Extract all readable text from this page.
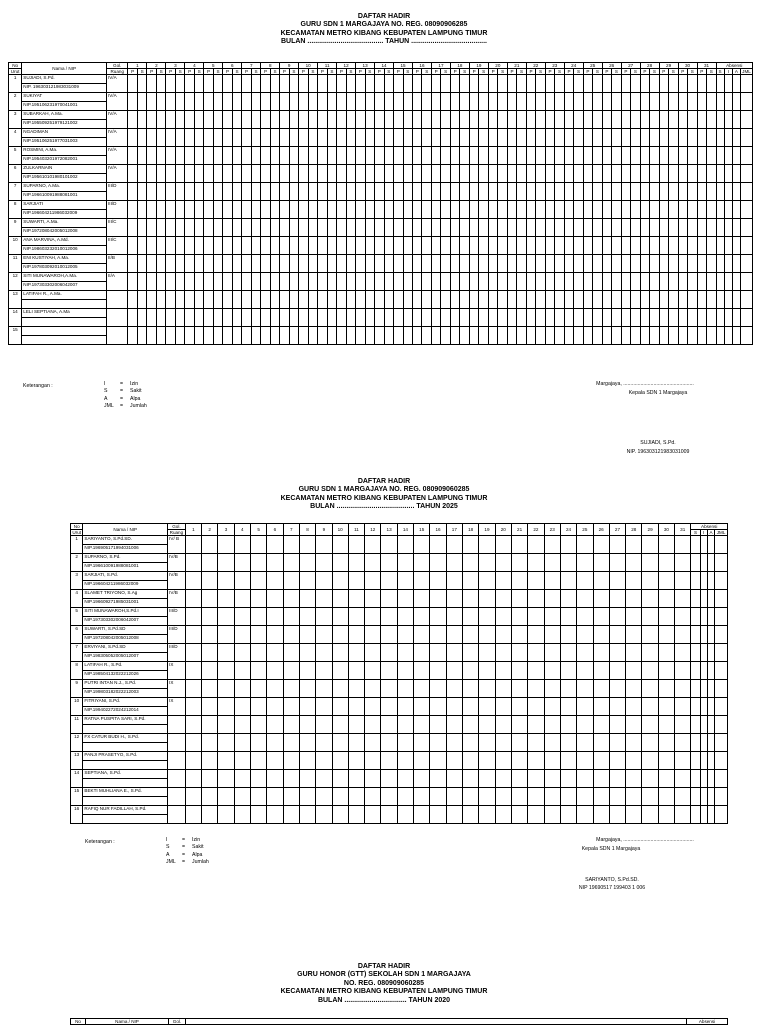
DAFTAR HADIR
GURU SDN 1 MARGAJAYA NO. REG. 08090906285
KECAMATAN METRO KIBANG KEBUPATEN LAMPUNG TIMUR
BULAN ....................................... TAHUN .......................................
No	Nama / NIP	Gol.	1	2	3	4	5	6	7	8	9	10	11	12	13	14	15	16	17	18	19	20	21	22	23	24	25	26	27	28	29	30	31	Absensi
Urut	Ruang	P	S	P	S	P	S	P	S	P	S	P	S	P	S	P	S	P	S	P	S	P	S	P	S	P	S	P	S	P	S	P	S	P	S	P	S	P	S	P	S	P	S	P	S	P	S	P	S	P	S	P	S	P	S	P	S	P	S	P	S	P	S	S	I	A	JML
1	SUJIADI, S.Pd.	IV/A																																																																		
NIP. 196303121983031009
2	SUKIYAT	IV/A																																																																		
NIP.195106231970041001
3	SUBARKAH, A.Ma.	IV/A																																																																		
NIP.195509251979121002
4	NGADIMAN	IV/A																																																																		
NIP.195106251977031003
5	ROSMINI, A.Ma.	IV/A																																																																		
NIP.195403201972082001
6	ZULKARNAIN	IV/A																																																																		
NIP.195610101980101002
7	SUPARNO, A.Ma.	III/D																																																																		
NIP.196610091988081001
8	SARJIATI	III/D																																																																		
NIP.196604211986032009
9	SUWARTI, A.Ma.	III/C																																																																		
NIP.197208042005012008
10	ANA MARVINA, A.Md.	III/C																																																																		
NIP.198603232010012006
11	ENI KUSTIYAH, A.Ma.	II/B																																																																		
NIP.197803092010012005
12	SITI MUNAWAROH,A.Ma.	II/A																																																																		
NIP.197303302006042007
13	LATIFAH R., A.Ma.																																																																			

14	LELI SEPTIANA, A.Ma																																																																			

15																																																																				

Keterangan :	I	= Izin
S = Sakit
A = Alpa
JML = Jumlah
Margajaya, .................................................
Kepala SDN 1 Margajaya
SUJIADI, S.Pd.
NIP. 196303121983031009
DAFTAR HADIR
GURU SDN 1 MARGAJAYA NO. REG. 080909060285
KECAMATAN METRO KIBANG KEBUPATEN LAMPUNG TIMUR
BULAN ........................................ TAHUN 2025
No	Nama / NIP	Gol.	1	2	3	4	5	6	7	8	9	10	11	12	13	14	15	16	17	18	19	20	21	22	23	24	25	26	27	28	29	30	31	Absensi			
Urut		Ruang																																S	I	A	JML
1	SARIYANTO, S.Pd.SD.	IV/ B																																			
	NIP.196905171994031006																																				
2	SUPARNO, S.Pd.	IV/B																																			
	NIP.196610091988081001																																				
3	SARJIATI, S.Pd.	IV/B																																			
	NIP.196604211986032009																																				
4	SLAMET TRIYONO, S.Ag	IV/B																																			
	NIP.196609271985031001																																				
5	SITI MUNAWAROH,S.Pd.I	III/D																																			
	NIP.197303302006042007																																				
6	SUWARTI, S.Pd.SD	III/D																																			
	NIP.197208042005012008																																				
7	ERVIYANI, S.Pd.SD	III/D																																			
	NIP.198305052005012007																																				
8	LATIFAH R., S.Pd.	IX																																			
	NIP.198504132022212026																																				
9	PUTRI INTAN N.J., S.Pd.	IX																																			
	NIP.199803182022212003																																				
10	FITRIYANI, S.Pd.	IX																																			
	NIP.199402272024212014																																				
11	RATNA PUSPITA SARI, S.Pd.																																				

12	FX CATUR BUDI H., S.Pd.																																				

13	PANJI PRASETYO, S.Pd.																																				

14	SEPTIANA, S.Pd.																																				

15	BEKTI MUHLIANA E., S.Pd.																																				

16	RAFIQ NUR FADILLAH, S.Pd.																																				

Keterangan :	I	= Izin
S = Sakit
A = Alpa
JML = Jumlah
Margajaya, .................................................
Kepala SDN 1 Margajaya
SARIYANTO, S.Pd.SD.
NIP 19690517 199403 1 006
DAFTAR HADIR
GURU HONOR (GTT) SEKOLAH SDN 1 MARGAJAYA
NO. REG. 080909060285
KECAMATAN METRO KIBANG KEBUPATEN LAMPUNG TIMUR
BULAN ................................ TAHUN 2020
No	Nama / NIP	Gol.		Absensi
